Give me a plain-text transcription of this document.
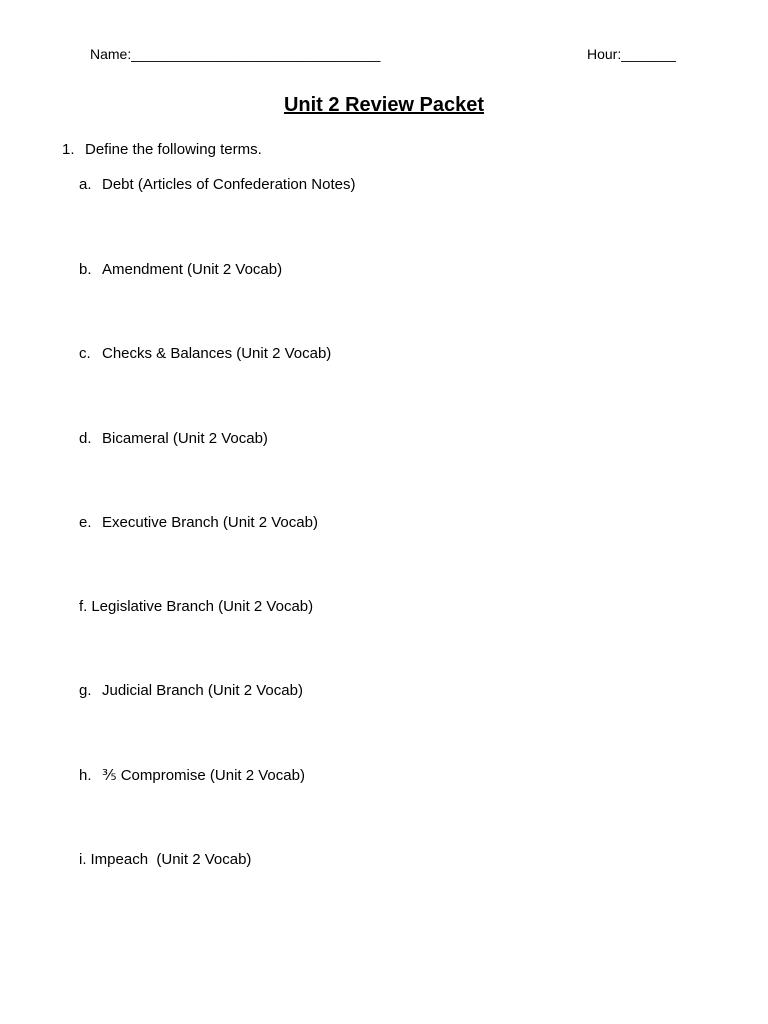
Name:________________________________	Hour:_______
Unit 2 Review Packet
1. Define the following terms.
a. Debt (Articles of Confederation Notes)
b. Amendment (Unit 2 Vocab)
c. Checks & Balances (Unit 2 Vocab)
d. Bicameral (Unit 2 Vocab)
e. Executive Branch (Unit 2 Vocab)
f. Legislative Branch (Unit 2 Vocab)
g. Judicial Branch (Unit 2 Vocab)
h. ⅗ Compromise (Unit 2 Vocab)
i. Impeach  (Unit 2 Vocab)
